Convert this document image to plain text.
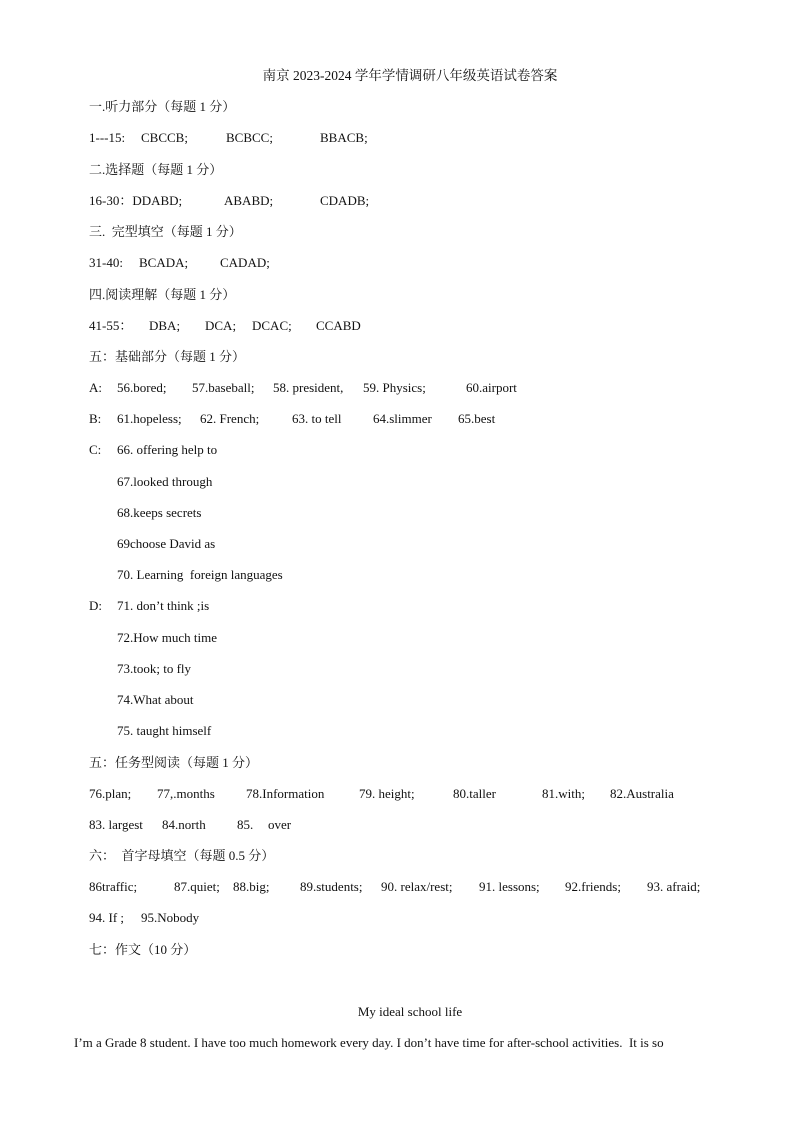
南京 2023-2024 学年学情调研八年级英语试卷答案
一.听力部分（每题 1 分）
1---15: CBCCB;	BCBCC;	BBACB;
二.选择题（每题 1 分）
16-30：DDABD;	ABABD;	CDADB;
三.  完型填空（每题 1 分）
31-40: BCADA; CADAD;
四.阅读理解（每题 1 分）
41-55： DBA; DCA; DCAC; CCABD
五：基础部分（每题 1 分）
A: 56.bored; 57.baseball; 58. president, 59. Physics;	60.airport
B: 61.hopeless; 62. French;	63. to tell 64.slimmer 65.best
C: 66. offering help to
67.looked through
68.keeps secrets
69choose David as
70. Learning  foreign languages
D: 71. don’t think ;is
72.How much time
73.took; to fly
74.What about
75. taught himself
五：任务型阅读（每题 1 分）
76.plan; 77,.months 78.Information	79. height;	80.taller	81.with; 82.Australia
83. largest 84.north 85. over
六：  首字母填空（每题 0.5 分）
86traffic;	87.quiet; 88.big; 89.students; 90. relax/rest; 91. lessons; 92.friends; 93. afraid;
94. If ; 95.Nobody
七：作文（10 分）
My ideal school life
I’m a Grade 8 student. I have too much homework every day. I don’t have time for after-school activities.  It is so
